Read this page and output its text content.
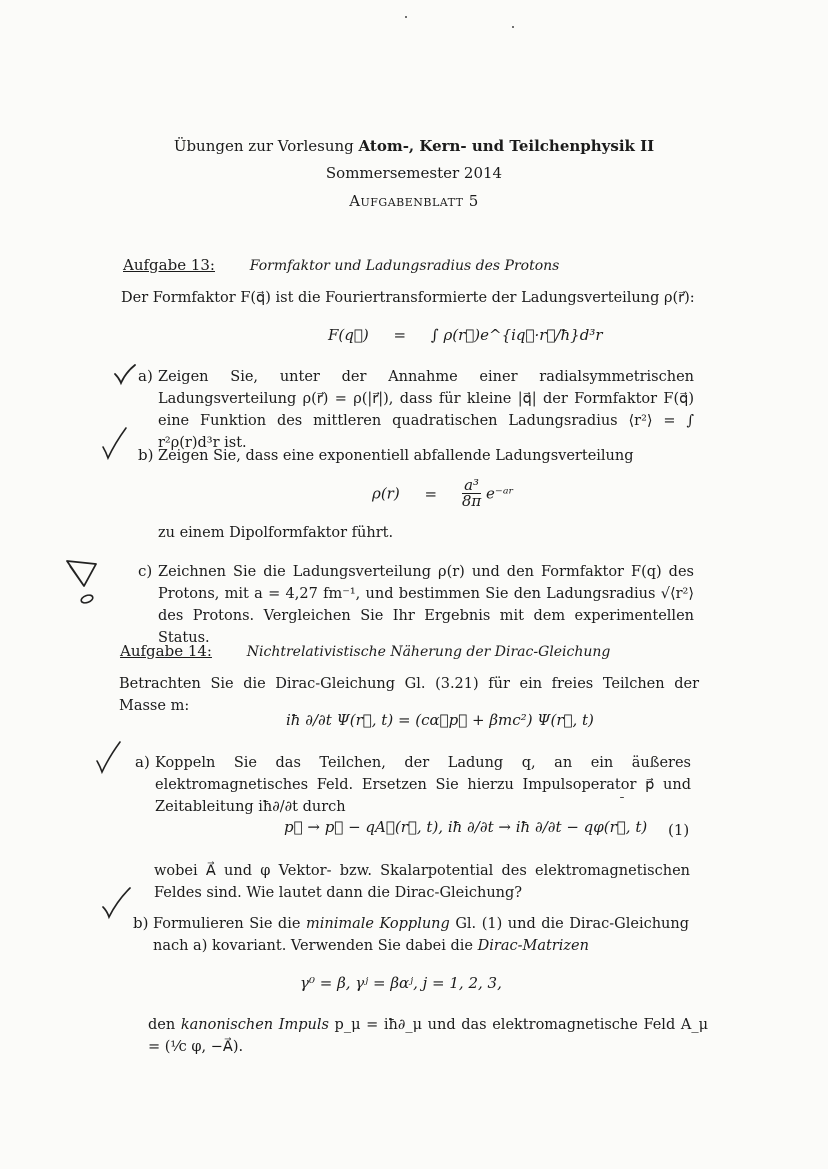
Übungen zur Vorlesung Atom-, Kern- und Teilchenphysik II
Sommersemester 2014
Aufgabenblatt 5
Aufgabe 13: Formfaktor und Ladungsradius des Protons
Der Formfaktor F(q⃗) ist die Fouriertransformierte der Ladungsverteilung ρ(r⃗):
F(q⃗) = ∫ ρ(r⃗)e^{iq⃗·r⃗/ħ}d³r
a) Zeigen Sie, unter der Annahme einer radialsymmetrischen Ladungsverteilung ρ(r⃗) = ρ(|r⃗|), dass für kleine |q⃗| der Formfaktor F(q⃗) eine Funktion des mittleren quadratischen Ladungsradius ⟨r²⟩ = ∫ r²ρ(r)d³r ist.
b) Zeigen Sie, dass eine exponentiell abfallende Ladungsverteilung
$\rho(r) = \frac{\text{a³}}{8\pi}$ e⁻ᵃʳ
zu einem Dipolformfaktor führt.
c) Zeichnen Sie die Ladungsverteilung ρ(r) und den Formfaktor F(q) des Protons, mit a = 4,27 fm⁻¹, und bestimmen Sie den Ladungsradius √⟨r²⟩ des Protons. Vergleichen Sie Ihr Ergebnis mit dem experimentellen Status.
Aufgabe 14: Nichtrelativistische Näherung der Dirac-Gleichung
Betrachten Sie die Dirac-Gleichung Gl. (3.21) für ein freies Teilchen der Masse m:
iħ ∂/∂t Ψ(r⃗, t) = (cα⃗p⃗ + βmc²) Ψ(r⃗, t)
a) Koppeln Sie das Teilchen, der Ladung q, an ein äußeres elektromagnetisches Feld. Ersetzen Sie hierzu Impulsoperator p⃗ und Zeitableitung iħ∂/∂t durch
p⃗ → p⃗ − qA⃗(r⃗, t), iħ ∂/∂t → iħ ∂/∂t − qφ(r⃗, t) (1)
wobei A⃗ und φ Vektor- bzw. Skalarpotential des elektromagnetischen Feldes sind. Wie lautet dann die Dirac-Gleichung?
b) Formulieren Sie die minimale Kopplung Gl. (1) und die Dirac-Gleichung nach a) kovariant. Verwenden Sie dabei die Dirac-Matrizen
γ⁰ = β, γʲ = βαʲ, j = 1, 2, 3,
den kanonischen Impuls p_μ = iħ∂_μ und das elektromagnetische Feld A_μ = (¹⁄c φ, −A⃗).
